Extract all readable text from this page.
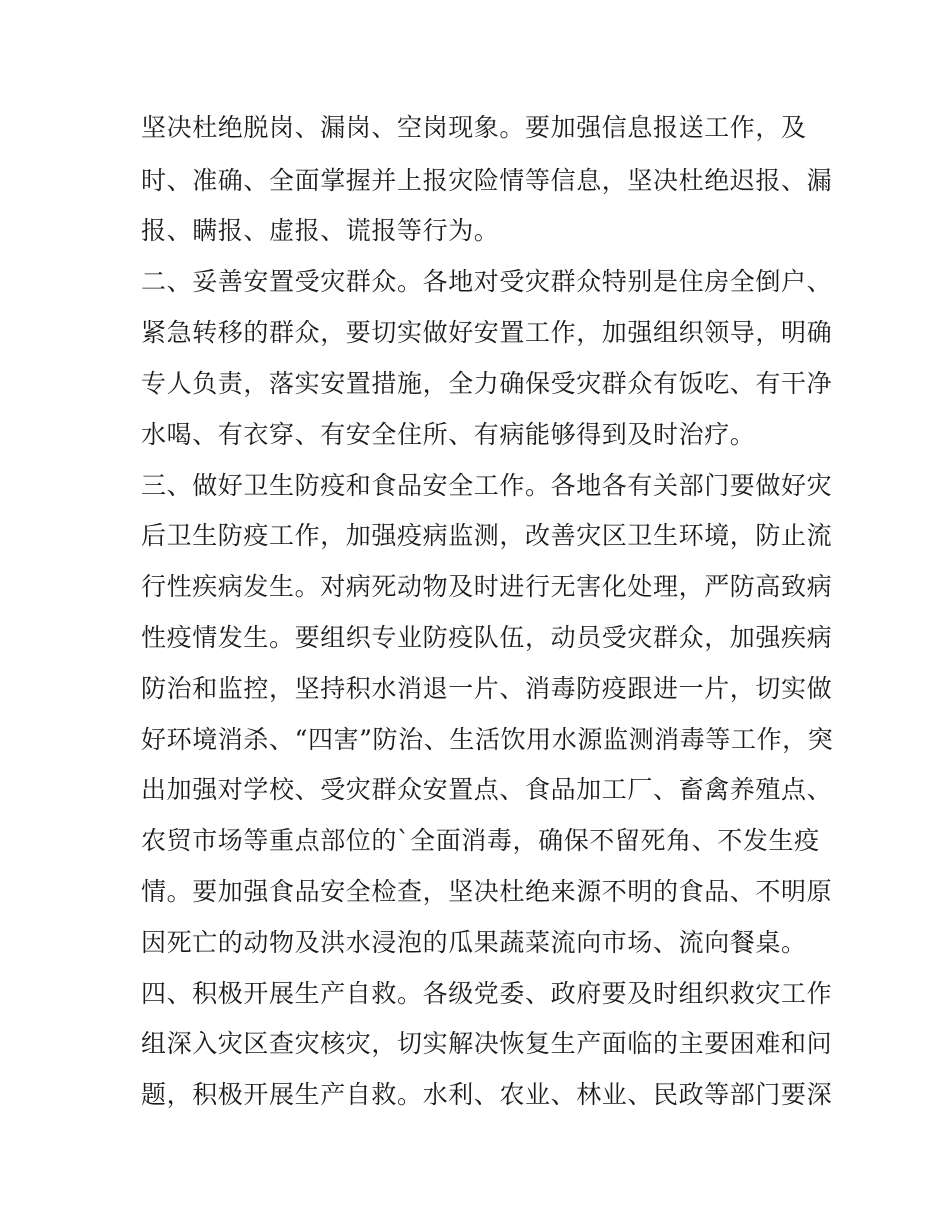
坚决杜绝脱岗、漏岗、空岗现象。要加强信息报送工作，及
时、准确、全面掌握并上报灾险情等信息，坚决杜绝迟报、漏
报、瞒报、虚报、谎报等行为。
二、妥善安置受灾群众。各地对受灾群众特别是住房全倒户、
紧急转移的群众，要切实做好安置工作，加强组织领导，明确
专人负责，落实安置措施，全力确保受灾群众有饭吃、有干净
水喝、有衣穿、有安全住所、有病能够得到及时治疗。
三、做好卫生防疫和食品安全工作。各地各有关部门要做好灾
后卫生防疫工作，加强疫病监测，改善灾区卫生环境，防止流
行性疾病发生。对病死动物及时进行无害化处理，严防高致病
性疫情发生。要组织专业防疫队伍，动员受灾群众，加强疾病
防治和监控，坚持积水消退一片、消毒防疫跟进一片，切实做
好环境消杀、“四害”防治、生活饮用水源监测消毒等工作，突
出加强对学校、受灾群众安置点、食品加工厂、畜禽养殖点、
农贸市场等重点部位的`全面消毒，确保不留死角、不发生疫
情。要加强食品安全检查，坚决杜绝来源不明的食品、不明原
因死亡的动物及洪水浸泡的瓜果蔬菜流向市场、流向餐桌。
四、积极开展生产自救。各级党委、政府要及时组织救灾工作
组深入灾区查灾核灾，切实解决恢复生产面临的主要困难和问
题，积极开展生产自救。水利、农业、林业、民政等部门要深
